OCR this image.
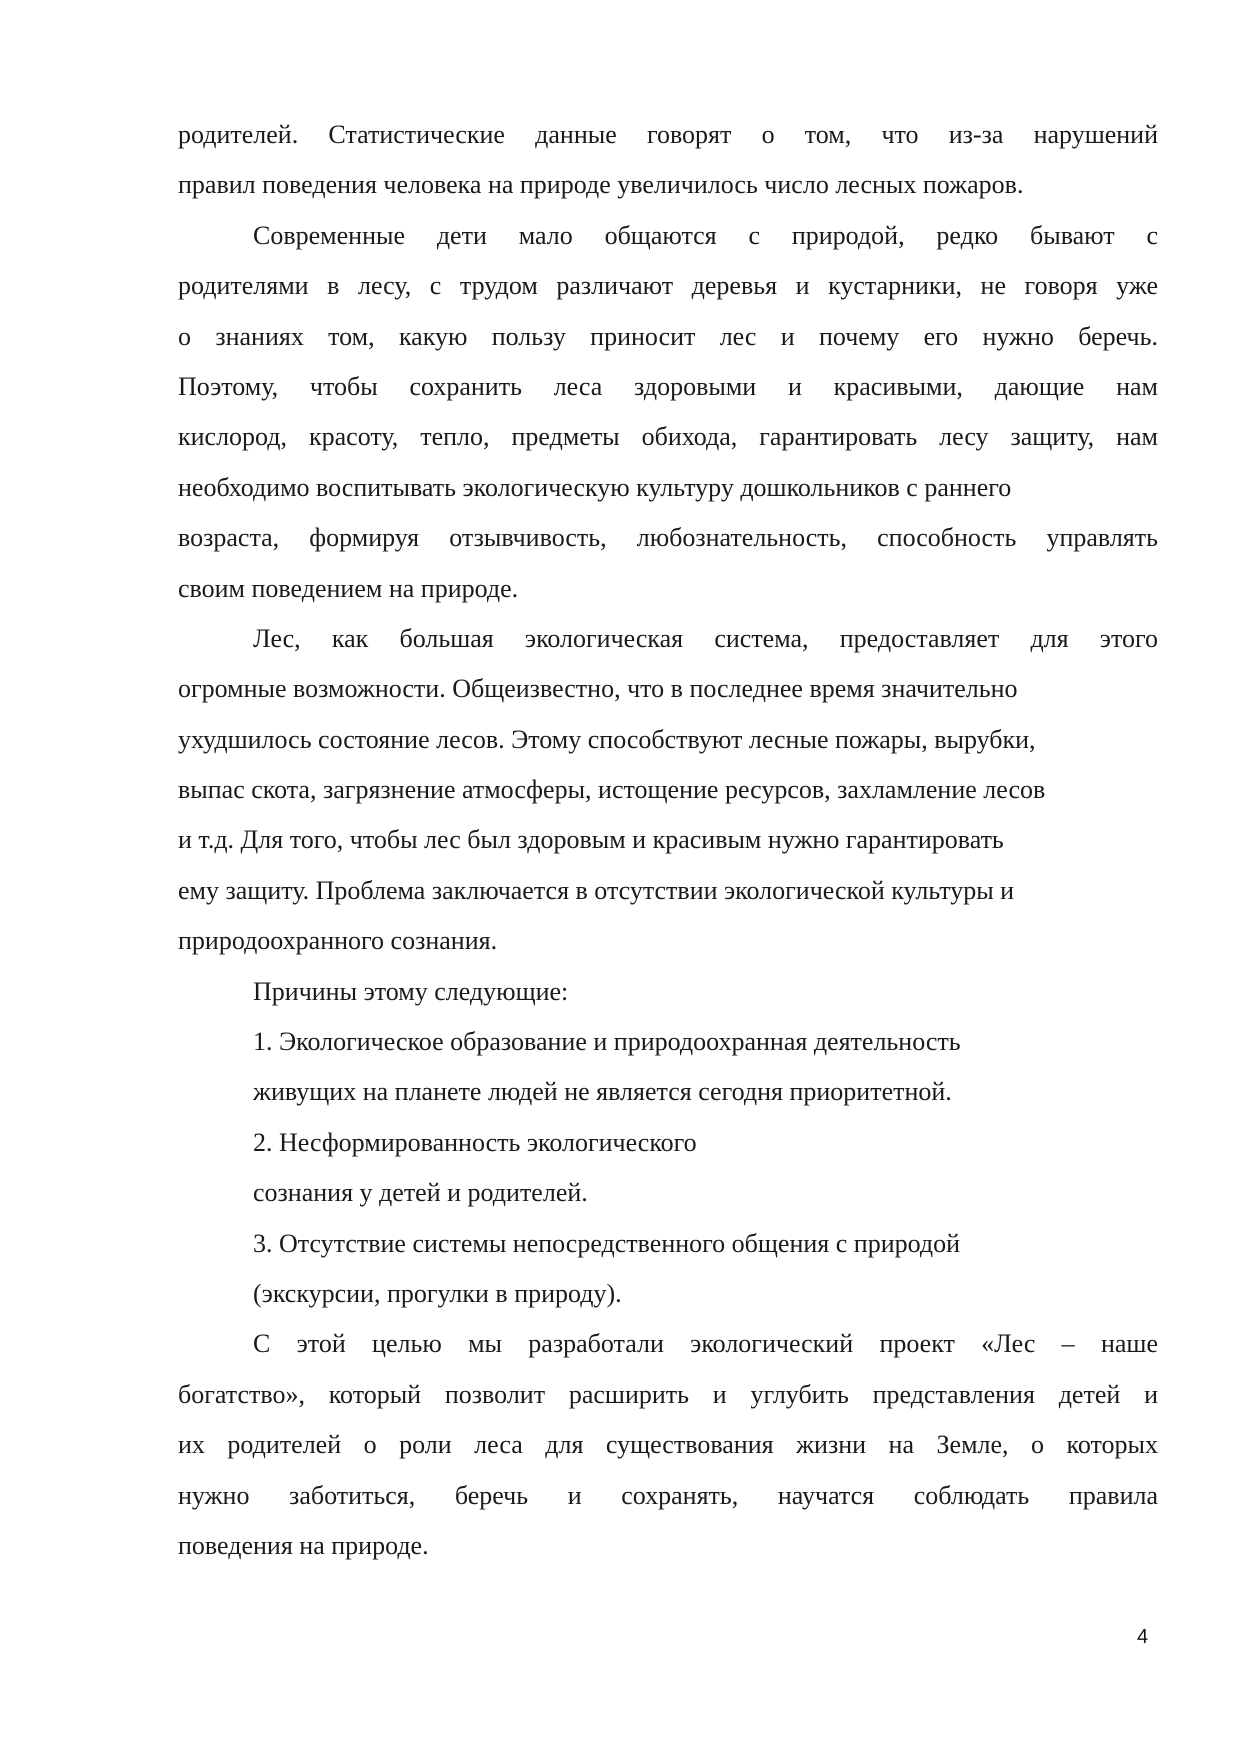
родителей. Статистические данные говорят о том, что из-за нарушений
правил поведения человека на природе увеличилось число лесных пожаров.
Современные дети мало общаются с природой, редко бывают с
родителями в лесу, с трудом различают деревья и кустарники, не говоря уже
о знаниях том, какую пользу приносит лес и почему его нужно беречь.
Поэтому, чтобы сохранить леса здоровыми и красивыми, дающие нам
кислород, красоту, тепло, предметы обихода, гарантировать лесу защиту, нам
необходимо воспитывать экологическую культуру дошкольников с раннего
возраста, формируя отзывчивость, любознательность, способность управлять
своим поведением на природе.
Лес, как большая экологическая система, предоставляет для этого
огромные возможности. Общеизвестно, что в последнее время значительно
ухудшилось состояние лесов. Этому способствуют лесные пожары, вырубки,
выпас скота, загрязнение атмосферы, истощение ресурсов, захламление лесов
и т.д. Для того, чтобы лес был здоровым и красивым нужно гарантировать
ему защиту. Проблема заключается в отсутствии экологической культуры и
природоохранного сознания.
Причины этому следующие:
1. Экологическое образование и природоохранная деятельность
живущих на планете людей не является сегодня приоритетной.
2. Несформированность экологического
сознания у детей и родителей.
3. Отсутствие системы непосредственного общения с природой
(экскурсии, прогулки в природу).
С этой целью мы разработали экологический проект «Лес – наше
богатство», который позволит расширить и углубить представления детей и
их родителей о роли леса для существования жизни на Земле, о которых
нужно заботиться, беречь и сохранять, научатся соблюдать правила
поведения на природе.
4
